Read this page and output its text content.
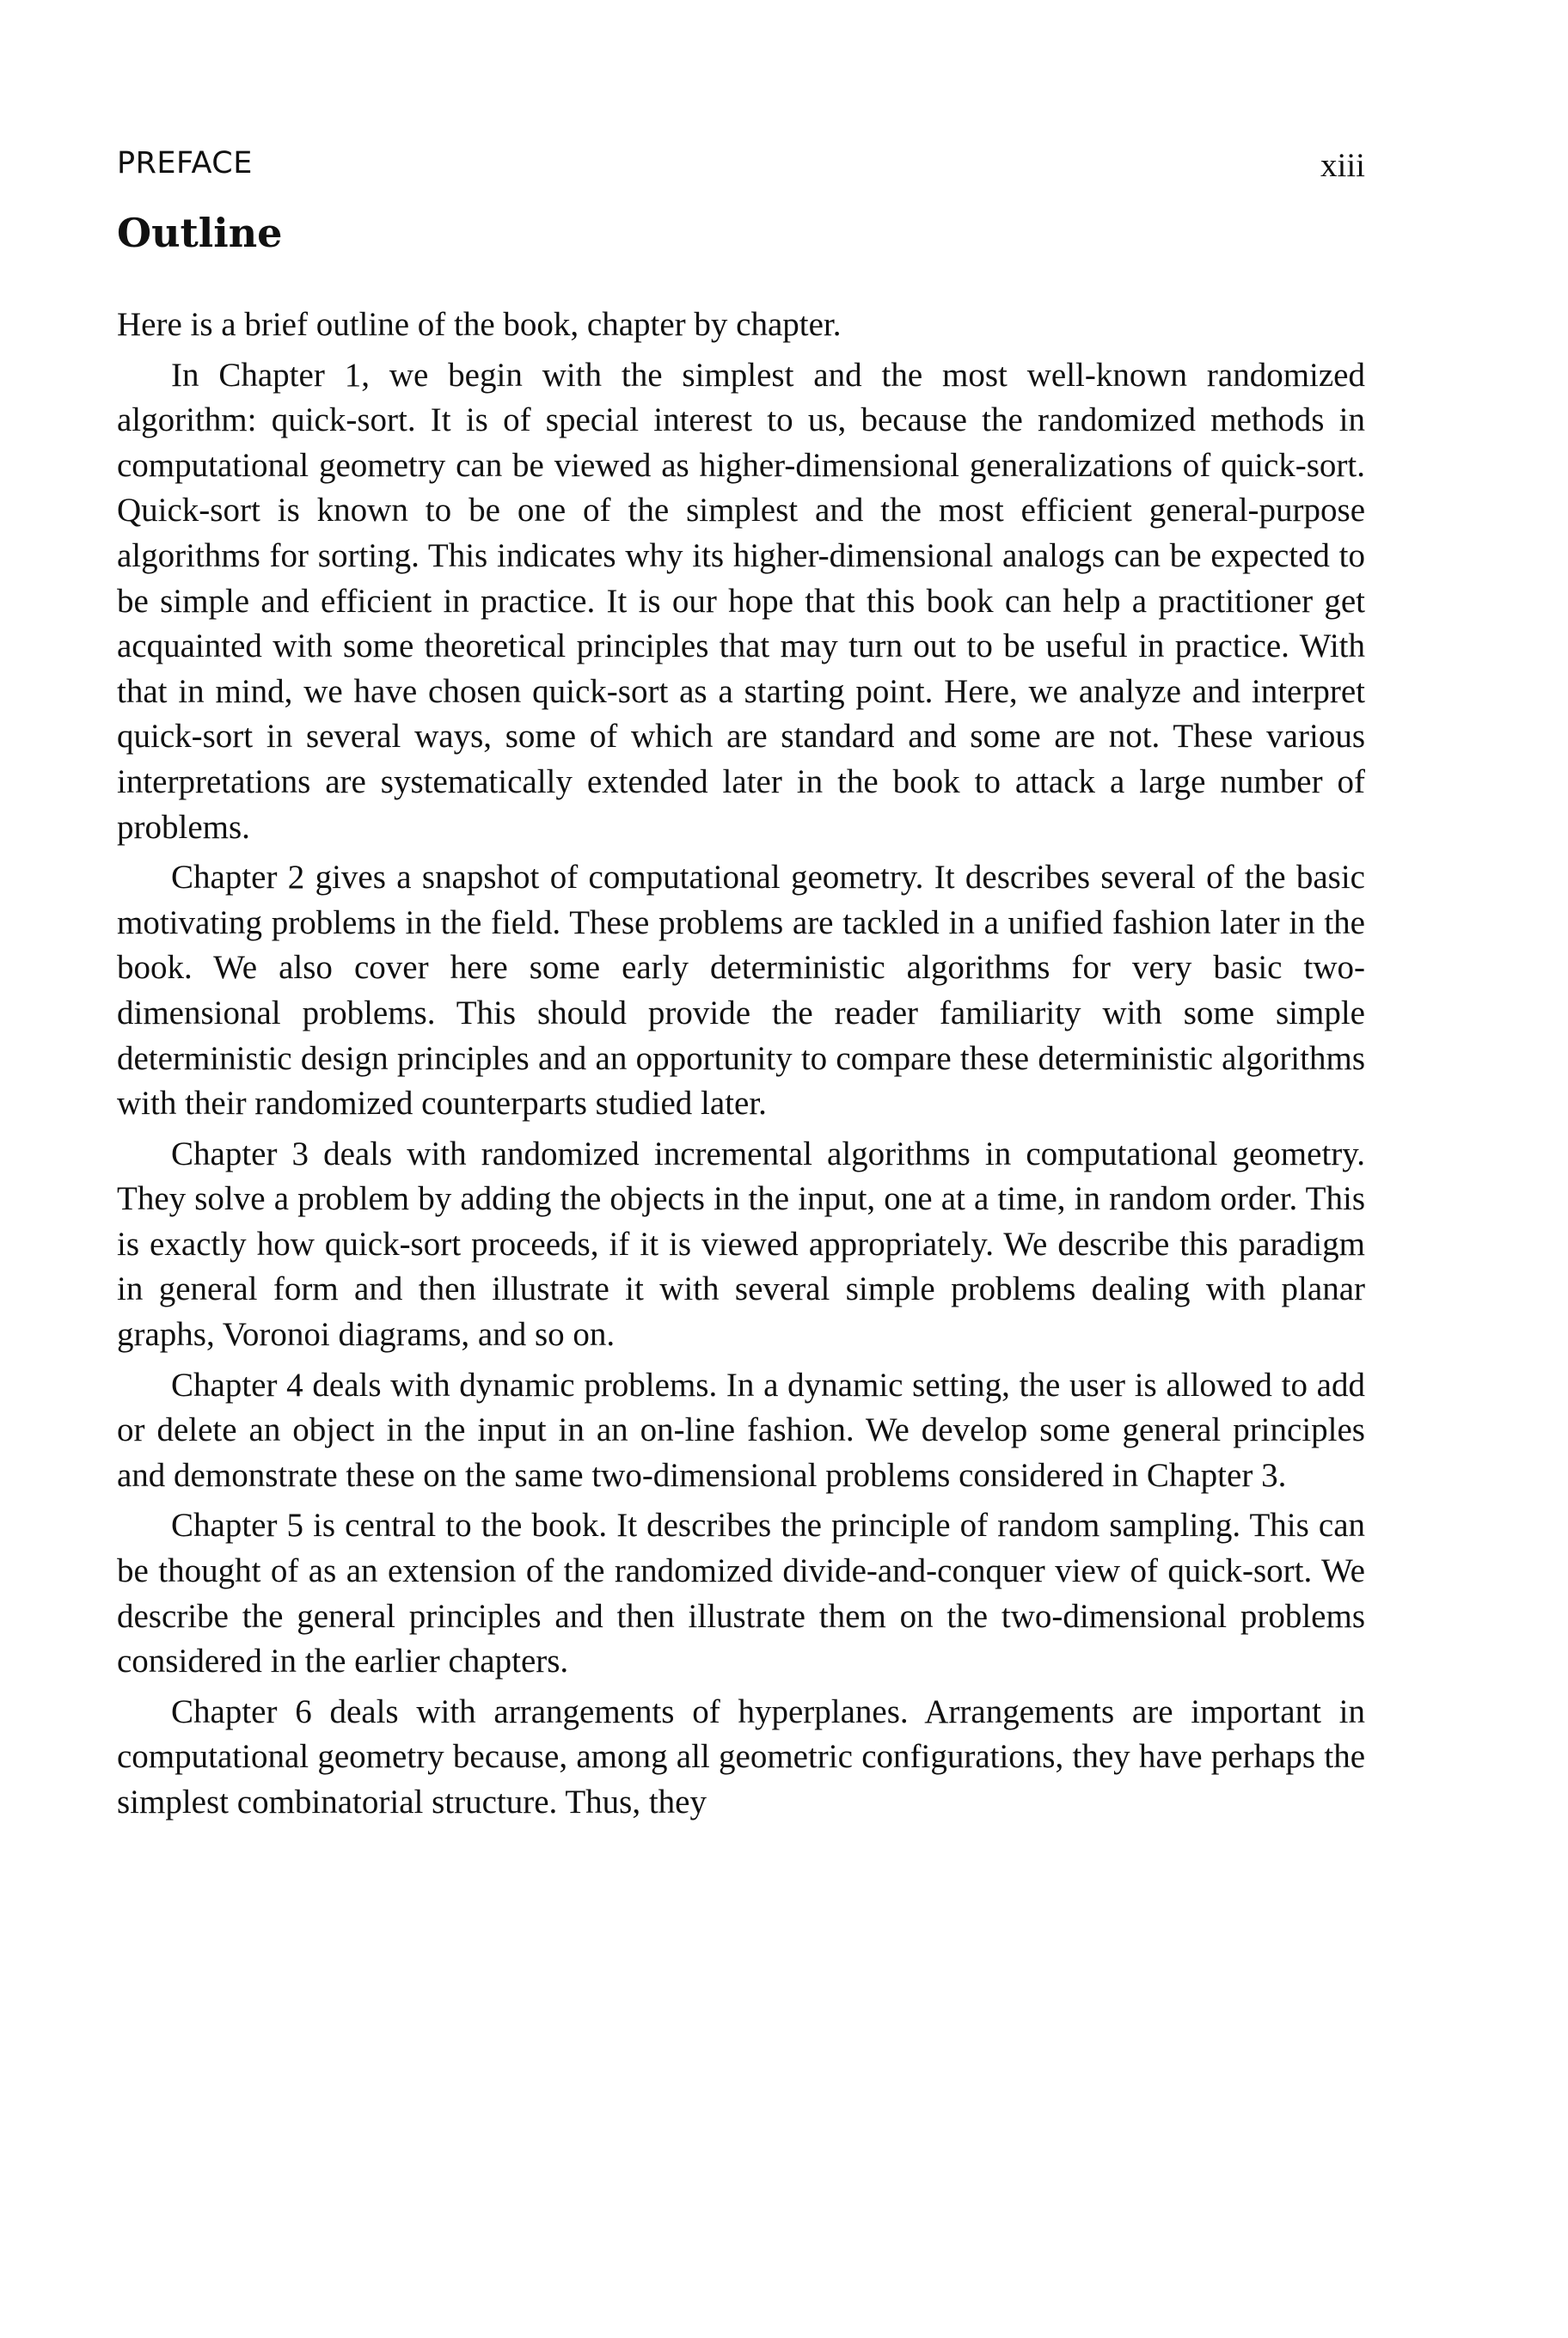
PREFACE	xiii
Outline

Here is a brief outline of the book, chapter by chapter.

In Chapter 1, we begin with the simplest and the most well-known randomized algorithm: quick-sort. It is of special interest to us, because the randomized methods in computational geometry can be viewed as higher-dimensional generalizations of quick-sort. Quick-sort is known to be one of the simplest and the most efficient general-purpose algorithms for sorting. This indicates why its higher-dimensional analogs can be expected to be simple and efficient in practice. It is our hope that this book can help a practitioner get acquainted with some theoretical principles that may turn out to be useful in practice. With that in mind, we have chosen quick-sort as a starting point. Here, we analyze and interpret quick-sort in several ways, some of which are standard and some are not. These various interpretations are systematically extended later in the book to attack a large number of problems.

Chapter 2 gives a snapshot of computational geometry. It describes several of the basic motivating problems in the field. These problems are tackled in a unified fashion later in the book. We also cover here some early deterministic algorithms for very basic two-dimensional problems. This should provide the reader familiarity with some simple deterministic design principles and an opportunity to compare these deterministic algorithms with their randomized counterparts studied later.

Chapter 3 deals with randomized incremental algorithms in computational geometry. They solve a problem by adding the objects in the input, one at a time, in random order. This is exactly how quick-sort proceeds, if it is viewed appropriately. We describe this paradigm in general form and then illustrate it with several simple problems dealing with planar graphs, Voronoi diagrams, and so on.

Chapter 4 deals with dynamic problems. In a dynamic setting, the user is allowed to add or delete an object in the input in an on-line fashion. We develop some general principles and demonstrate these on the same two-dimensional problems considered in Chapter 3.

Chapter 5 is central to the book. It describes the principle of random sampling. This can be thought of as an extension of the randomized divide-and-conquer view of quick-sort. We describe the general principles and then illustrate them on the two-dimensional problems considered in the earlier chapters.

Chapter 6 deals with arrangements of hyperplanes. Arrangements are important in computational geometry because, among all geometric configurations, they have perhaps the simplest combinatorial structure. Thus, they
